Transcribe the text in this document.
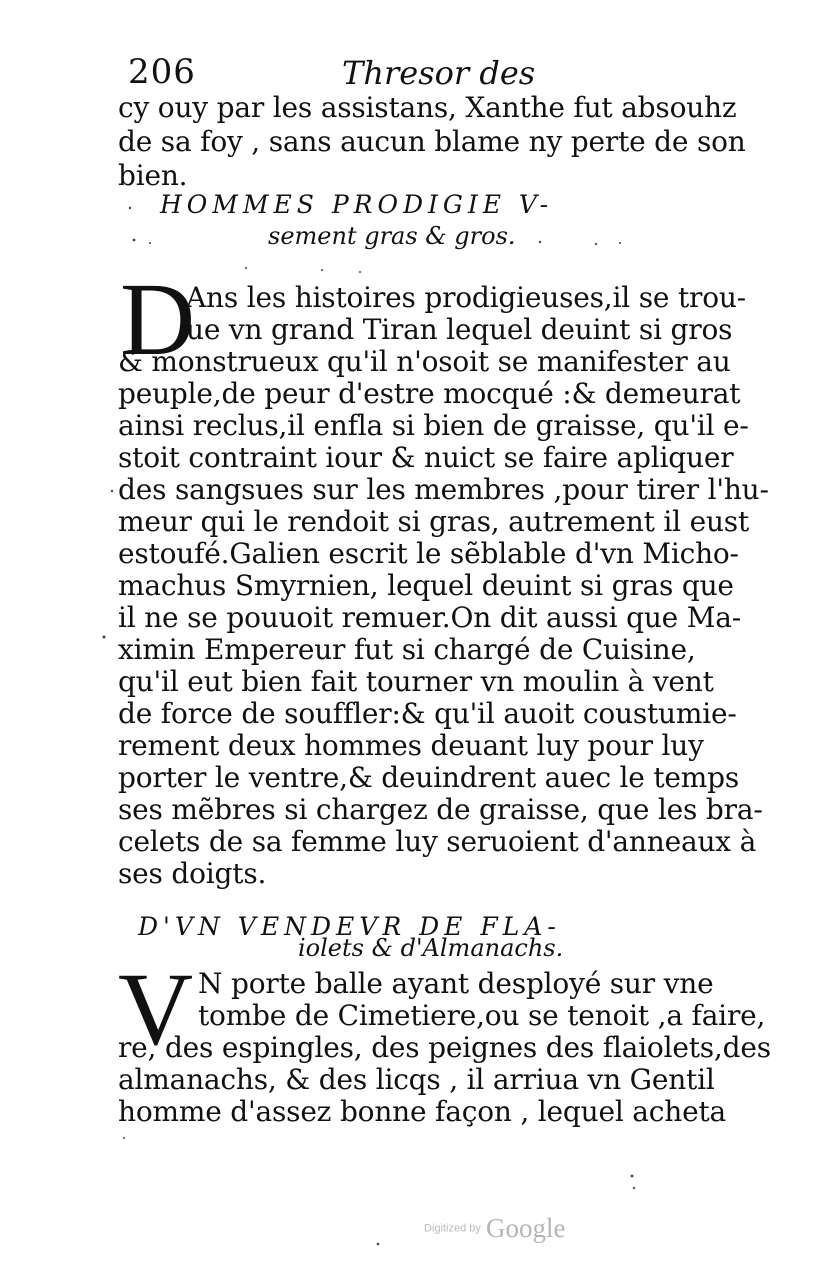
206	Thresor des
cy ouy par les assistans, Xanthe fut absouhz
de sa foy , sans aucun blame ny perte de son
bien.
HOMMES PRODIGIE V-
sement gras & gros.
D
Ans les histoires prodigieuses,il se trou-
ue vn grand Tiran lequel deuint si gros
& monstrueux qu'il n'osoit se manifester au
peuple,de peur d'estre mocqué :& demeurat
ainsi reclus,il enfla si bien de graisse, qu'il e-
stoit contraint iour & nuict se faire apliquer
des sangsues sur les membres ,pour tirer l'hu-
meur qui le rendoit si gras, autrement il eust
estoufé.Galien escrit le sẽblable d'vn Micho-
machus Smyrnien, lequel deuint si gras que
il ne se pouuoit remuer.On dit aussi que Ma-
ximin Empereur fut si chargé de Cuisine,
qu'il eut bien fait tourner vn moulin à vent
de force de souffler:& qu'il auoit coustumie-
rement deux hommes deuant luy pour luy
porter le ventre,& deuindrent auec le temps
ses mẽbres si chargez de graisse, que les bra-
celets de sa femme luy seruoient d'anneaux à
ses doigts.
D'VN VENDEVR DE FLA-
iolets & d'Almanachs.
V N porte balle ayant desployé sur vne
tombe de Cimetiere,ou se tenoit ,a faire,
re, des espingles, des peignes des flaiolets,des
almanachs, & des licqs , il arriua vn Gentil
homme d'assez bonne façon , lequel acheta
Digitized by Google
